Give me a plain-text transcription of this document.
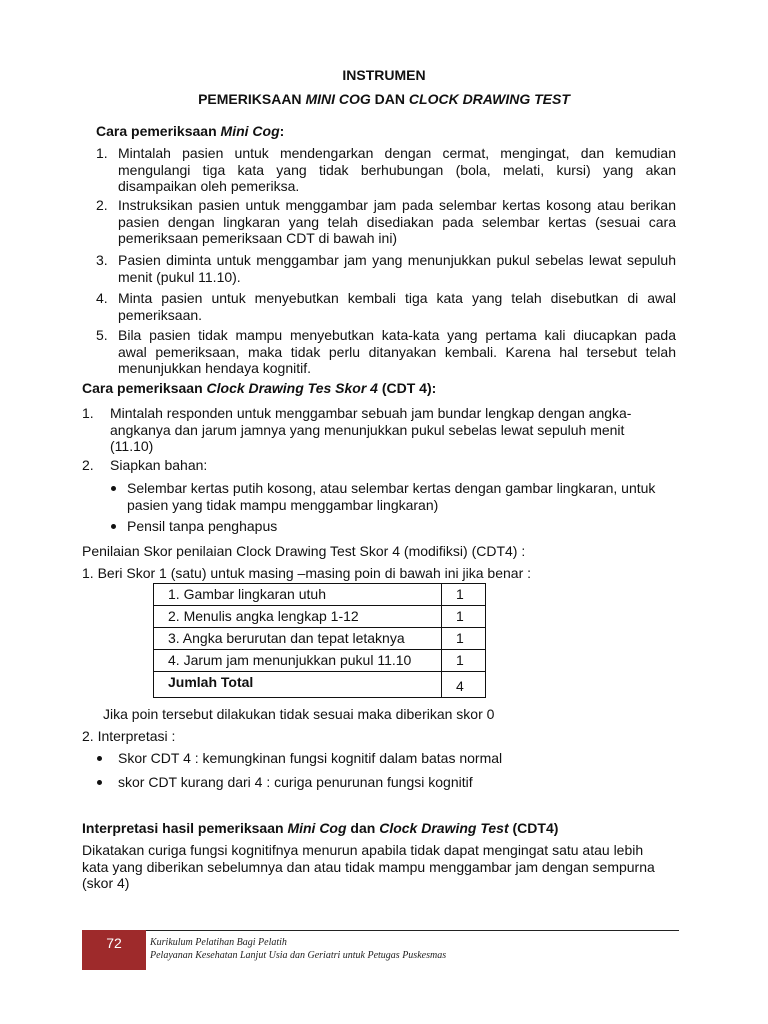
INSTRUMEN
PEMERIKSAAN MINI COG DAN CLOCK DRAWING TEST
Cara pemeriksaan Mini Cog:
1. Mintalah pasien untuk mendengarkan dengan cermat, mengingat, dan kemudian
mengulangi tiga kata yang tidak berhubungan (bola, melati, kursi) yang akan
disampaikan oleh pemeriksa.
2. Instruksikan pasien untuk menggambar jam pada selembar kertas kosong atau berikan
pasien dengan lingkaran yang telah disediakan pada selembar kertas (sesuai cara
pemeriksaan pemeriksaan CDT di bawah ini)
3. Pasien diminta untuk menggambar jam yang menunjukkan pukul sebelas lewat sepuluh
menit (pukul 11.10).
4. Minta pasien untuk menyebutkan kembali tiga kata yang telah disebutkan di awal
pemeriksaan.
5. Bila pasien tidak mampu menyebutkan kata-kata yang pertama kali diucapkan pada
awal pemeriksaan, maka tidak perlu ditanyakan kembali. Karena hal tersebut telah
menunjukkan hendaya kognitif.
Cara pemeriksaan Clock Drawing Tes Skor 4 (CDT 4):
1. Mintalah responden untuk menggambar sebuah jam bundar lengkap dengan angka-
angkanya dan jarum jamnya yang menunjukkan pukul sebelas lewat sepuluh menit
(11.10)
2. Siapkan bahan:
Selembar kertas putih kosong, atau selembar kertas dengan gambar lingkaran, untuk
pasien yang tidak mampu menggambar lingkaran)
Pensil tanpa penghapus
Penilaian Skor penilaian Clock Drawing Test Skor 4 (modifiksi) (CDT4) :
1. Beri Skor 1 (satu) untuk masing –masing poin di bawah ini jika benar :
1. Gambar lingkaran utuh	1
2. Menulis angka lengkap 1-12	1
3. Angka berurutan dan tepat letaknya	1
4. Jarum jam menunjukkan pukul 11.10	1
Jumlah Total	4
Jika poin tersebut dilakukan tidak sesuai maka diberikan skor 0
2. Interpretasi :
Skor CDT 4 : kemungkinan fungsi kognitif dalam batas normal
skor CDT kurang dari 4 : curiga penurunan fungsi kognitif
Interpretasi hasil pemeriksaan Mini Cog dan Clock Drawing Test (CDT4)
Dikatakan curiga fungsi kognitifnya menurun apabila tidak dapat mengingat satu atau lebih
kata yang diberikan sebelumnya dan atau tidak mampu menggambar jam dengan sempurna
(skor 4)
72	Kurikulum Pelatihan Bagi Pelatih
Pelayanan Kesehatan Lanjut Usia dan Geriatri untuk Petugas Puskesmas
